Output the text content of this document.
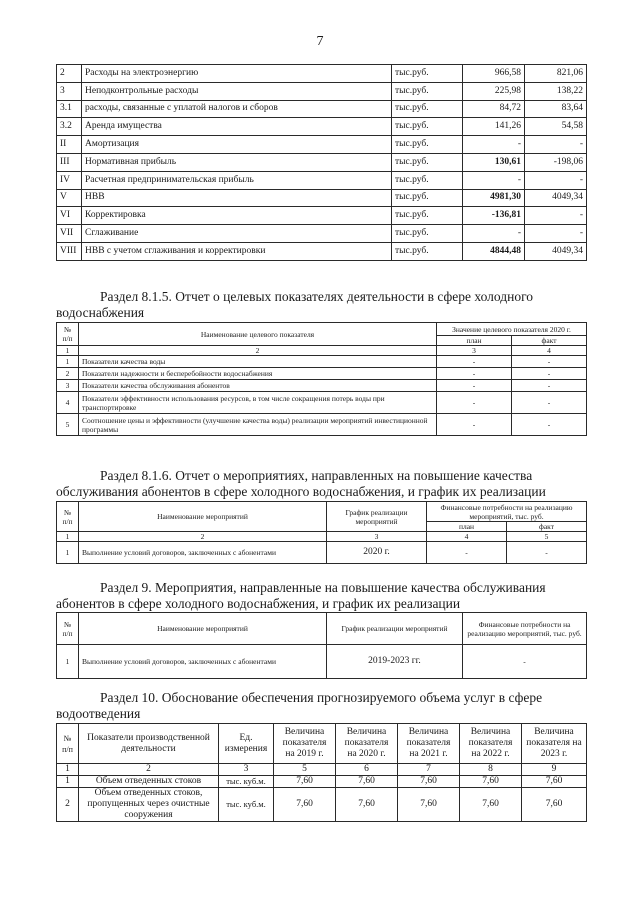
7
2	Расходы на электроэнергию	тыс.руб.	966,58	821,06
3	Неподконтрольные расходы	тыс.руб.	225,98	138,22
3.1	расходы, связанные с уплатой налогов и сборов	тыс.руб.	84,72	83,64
3.2	Аренда имущества	тыс.руб.	141,26	54,58
II	Амортизация	тыс.руб.	-	-
III	Нормативная прибыль	тыс.руб.	130,61	-198,06
IV	Расчетная предпринимательская прибыль	тыс.руб.	-	-
V	НВВ	тыс.руб.	4981,30	4049,34
VI	Корректировка	тыс.руб.	-136,81	-
VII	Сглаживание	тыс.руб.	-	-
VIII	НВВ с учетом сглаживания и корректировки	тыс.руб.	4844,48	4049,34
Раздел 8.1.5. Отчет о целевых показателях деятельности в сфере холодного
водоснабжения
№ п/п	Наименование целевого показателя	Значение целевого показателя 2020 г.	
		план	факт
1	2	3	4
1	Показатели качества воды	-	-
2	Показатели надежности и бесперебойности водоснабжения	-	-
3	Показатели качества обслуживания абонентов	-	-
4	Показатели эффективности использования ресурсов, в том числе сокращения потерь воды при транспортировке	-	-
5	Соотношение цены и эффективности (улучшение качества воды) реализации мероприятий инвестиционной программы	-	-
Раздел 8.1.6. Отчет о мероприятиях, направленных на повышение качества
обслуживания абонентов в сфере холодного водоснабжения, и график их реализации
№ п/п	Наименование мероприятий	График реализации мероприятий	Финансовые потребности на реализацию мероприятий, тыс. руб.	
			план	факт
1	2	3	4	5
1	Выполнение условий договоров, заключенных с абонентами	2020 г.	-	-
Раздел 9. Мероприятия, направленные на повышение качества обслуживания
абонентов в сфере холодного водоснабжения, и график их реализации
№ п/п	Наименование мероприятий	График реализации мероприятий	Финансовые потребности на реализацию мероприятий, тыс. руб.
1	Выполнение условий договоров, заключенных с абонентами	2019-2023 гг.	-
Раздел 10. Обоснование обеспечения прогнозируемого объема услуг в сфере
водоотведения
№ п/п	Показатели производственной деятельности	Ед. измерения	Величина показателя на 2019 г.	Величина показателя на 2020 г.	Величина показателя на 2021 г.	Величина показателя на 2022 г.	Величина показателя на 2023 г.
1	2	3	5	6	7	8	9
1	Объем отведенных стоков	тыс. куб.м.	7,60	7,60	7,60	7,60	7,60
2	Объем отведенных стоков, пропущенных через очистные сооружения	тыс. куб.м.	7,60	7,60	7,60	7,60	7,60
